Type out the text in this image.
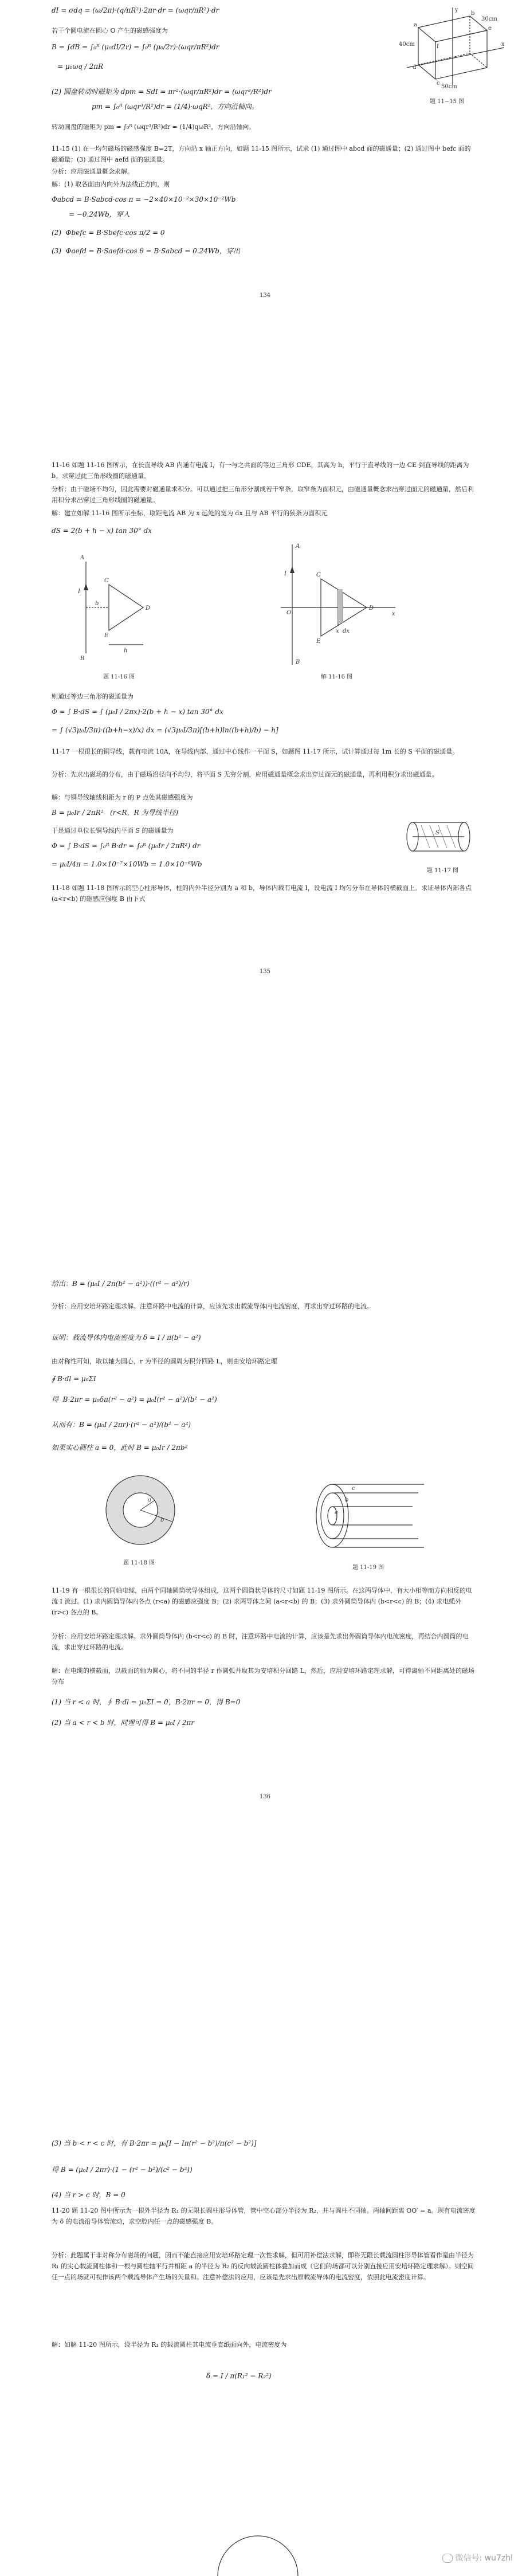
dI = σdq = (ω/2π)·(q/πR²)·2πr·dr = (ωqr/πR²)·dr
若干个圆电流在圆心 O 产生的磁感强度为
B = ∫dB = ∫₀ᴿ (μ₀dI/2r) = ∫₀ᴿ (μ₀/2r)·(ωqr/πR²)dr
= μ₀ωq / 2πR
(2) 圆盘转动时磁矩为 dpm = SdI = πr²·(ωqr/πR²)dr = (ωqr³/R²)dr
pm = ∫₀ᴿ (ωqr³/R²)dr = (1/4)·ωqR²,  方向沿轴向。
转动圆盘的磁矩为 pm = ∫₀ᴿ (ωqr³/R²)dr = (1/4)qωR²，方向沿轴向。
a
b
e
f
d
c
x
y
30cm
40cm
50cm
题 11−15 图
11-15 (1) 在一均匀磁场的磁感强度 B=2T，方向沿 x 轴正方向，如题 11-15 图所示，试求 (1) 通过图中 abcd 面的磁通量；(2) 通过图中 befc 面的磁通量；(3) 通过图中 aefd 面的磁通量。
分析：应用磁通量概念求解。
解：(1) 取各面由内向外为法线正方向，则
Φabcd = B·Sabcd·cos π = −2×40×10⁻²×30×10⁻²Wb
= −0.24Wb，穿入
(2)  Φbefc = B·Sbefc·cos π/2 = 0
(3)  Φaefd = B·Saefd·cos θ = B·Sabcd = 0.24Wb，穿出
134
11-16 如题 11-16 图所示，在长直导线 AB 内通有电流 I，有一与之共面的等边三角形 CDE，其高为 h，平行于直导线的一边 CE 到直导线的距离为 b。求穿过此三角形线圈的磁通量。
分析：由于磁场不均匀，因此需要对磁通量求积分。可以通过把三角形分割成若干窄条，取窄条为面积元，由磁通量概念求出穿过面元的磁通量，然后利用积分求出穿过三角形线圈的磁通量。
解：建立如解 11-16 图所示坐标，取距电流 AB 为 x 远处的宽为 dx 且与 AB 平行的狭条为面积元
dS = 2(b + h − x) tan 30° dx
A
B
I
C
E
D
b
h
题 11-16 图
A
B
I
O	x
C
E
D
x dx
解 11-16 图
则通过等边三角形的磁通量为
Φ = ∫ B·dS = ∫ (μ₀I / 2πx)·2(b + h − x) tan 30° dx
= ∫ (√3μ₀I/3π)·((b+h−x)/x) dx = (√3μ₀I/3π)[(b+h)ln((b+h)/b) − h]
11-17 一根很长的铜导线，载有电流 10A，在导线内部，通过中心线作一平面 S，如题图 11-17 所示，试计算通过每 1m 长的 S 平面的磁通量。
分析：先求出磁场的分布，由于磁场沿径向不均匀，将平面 S 无穷分割，应用磁通量概念求出穿过面元的磁通量，再利用积分求出磁通量。
解：与铜导线轴线相距为 r 的 P 点处其磁感强度为
B = μ₀Ir / 2πR²   (r<R，R 为导线半径)
于是通过单位长铜导线内平面 S 的磁通量为
Φ = ∫ B·dS = ∫₀ᴿ B·dr = ∫₀ᴿ (μ₀Ir / 2πR²) dr
= μ₀I/4π = 1.0×10⁻⁷×10Wb = 1.0×10⁻⁶Wb
S
题 11-17 图
11-18 如题 11-18 图所示的空心柱形导体，柱的内外半径分别为 a 和 b，导体内载有电流 I，设电流 I 均匀分布在导体的横截面上。求证导体内部各点 (a<r<b) 的磁感应强度 B 由下式
135
给出：B = (μ₀I / 2π(b² − a²))·((r² − a²)/r)
分析：应用安培环路定理求解。注意环路中电流的计算，应该先求出载流导体内电流密度，再求出穿过环路的电流。
证明：载流导体内电流密度为 δ = I / π(b² − a²)
由对称性可知，取以轴为圆心，r 为半径的圆周为积分回路 L，则由安培环路定理
∮ B·dl = μ₀ΣI
得  B·2πr = μ₀δπ(r² − a²) = μ₀I(r² − a²)/(b² − a²)
从而有：B = (μ₀I / 2πr)·(r² − a²)/(b² − a²)
如果实心圆柱 a = 0，此时 B = μ₀Ir / 2πb²
a
b
题 11-18 图
a
b
c
题 11-19 图
11-19 有一根很长的同轴电缆，由两个同轴圆筒状导体组成，这两个圆筒状导体的尺寸如题 11-19 图所示。在这两导体中，有大小相等而方向相反的电流 I 流过。(1) 求内圆筒导体内各点 (r<a) 的磁感应强度 B；(2) 求两导体之间 (a<r<b) 的 B；(3) 求外圆筒导体内 (b<r<c) 的 B；(4) 求电缆外 (r>c) 各点的 B。
分析：应用安培环路定理求解。求外圆筒导体内 (b<r<c) 的 B 时，注意环路中电流的计算，应该是先求出外圆筒导体内电流密度，再结合内圆筒的电流，求出穿过环路的电流。
解：在电缆的横截面，以截面的轴为圆心，将不同的半径 r 作圆弧并取其为安培积分回路 L，然后，应用安培环路定理求解，可得离轴不同距离处的磁场分布
(1) 当 r < a 时，∮ B·dl = μ₀ΣI = 0，B·2πr = 0，得 B=0
(2) 当 a < r < b 时，同理可得 B = μ₀I / 2πr
136
(3) 当 b < r < c 时，有 B·2πr = μ₀[I − Iπ(r² − b²)/π(c² − b²)]
得 B = (μ₀I / 2πr)·(1 − (r² − b²)/(c² − b²))
(4) 当 r > c 时，B = 0
11-20 题 11-20 图中所示为一根外半径为 R₁ 的无限长圆柱形导体管，管中空心部分半径为 R₂，并与圆柱不同轴。两轴间距离 OO′ = a。现有电流密度为 δ 的电流沿导体管流动，求空腔内任一点的磁感强度 B。
分析：此题属于非对称分布磁场的问题，因而不能直接应用安培环路定理一次性求解，但可用补偿法求解，即将无限长载流圆柱形导体管看作是由半径为 R₁ 的实心载流圆柱体和一根与圆柱轴平行并相距 a 的半径为 R₂ 的反向载流圆柱体叠加而成（它们的场都可以分别直接应用安培环路定理求解）。则空间任一点的场就可视作该两个载流导体产生场的矢量和。注意补偿法的应用，应该是先求出原载流导体的电流密度，依照此电流密度计算。
解：如解 11-20 图所示，设半径为 R₁ 的载流圆柱其电流垂直纸面向外，电流密度为
δ = I / π(R₁² − R₂²)
微信号: wu7zhl
